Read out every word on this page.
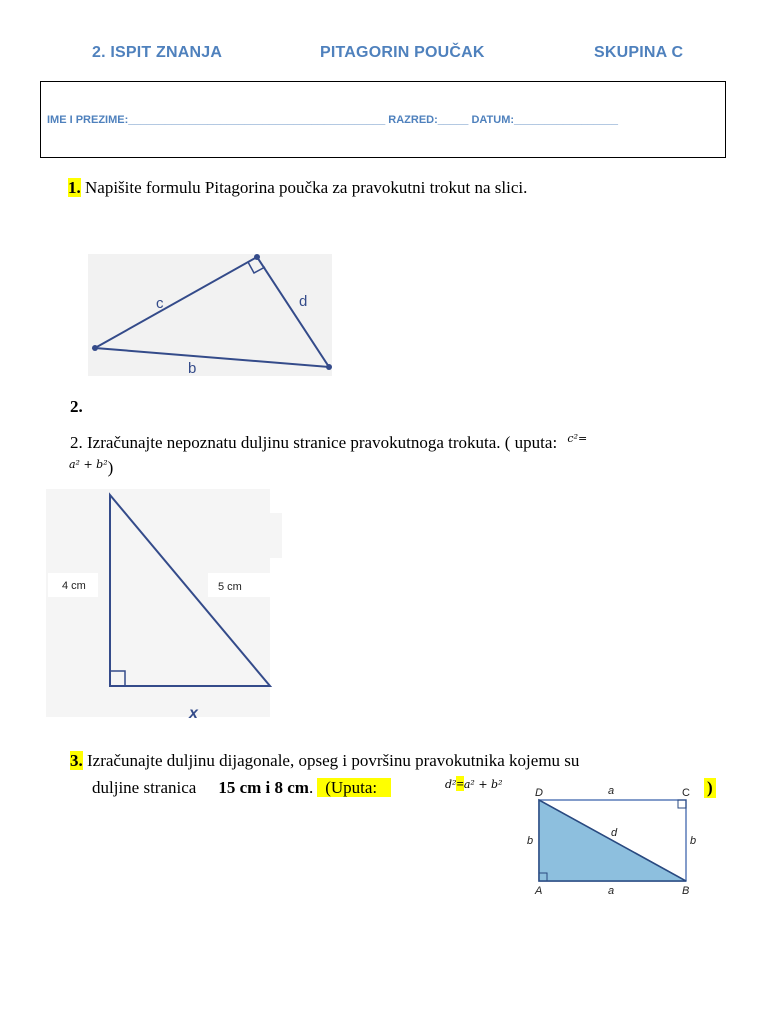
2. ISPIT ZNANJA	PITAGORIN POUČAK	SKUPINA C
IME I PREZIME:__________________________________________ RAZRED:_____ DATUM:_________________
1. Napišite formulu Pitagorina poučka za pravokutni trokut na slici.
c	d
b
2.
2. Izračunajte nepoznatu duljinu stranice pravokutnoga trokuta. ( uputa: $^{c^2=}$
$^{a^2 + b^2}$)
4 cm	5 cm
x
3. Izračunajte duljinu dijagonale, opseg i površinu pravokutnika kojemu su
duljine stranica 15 cm i 8 cm. (Uputa:	d²=a² + b²	)
D	C
A	B
a
a
b	b
d
